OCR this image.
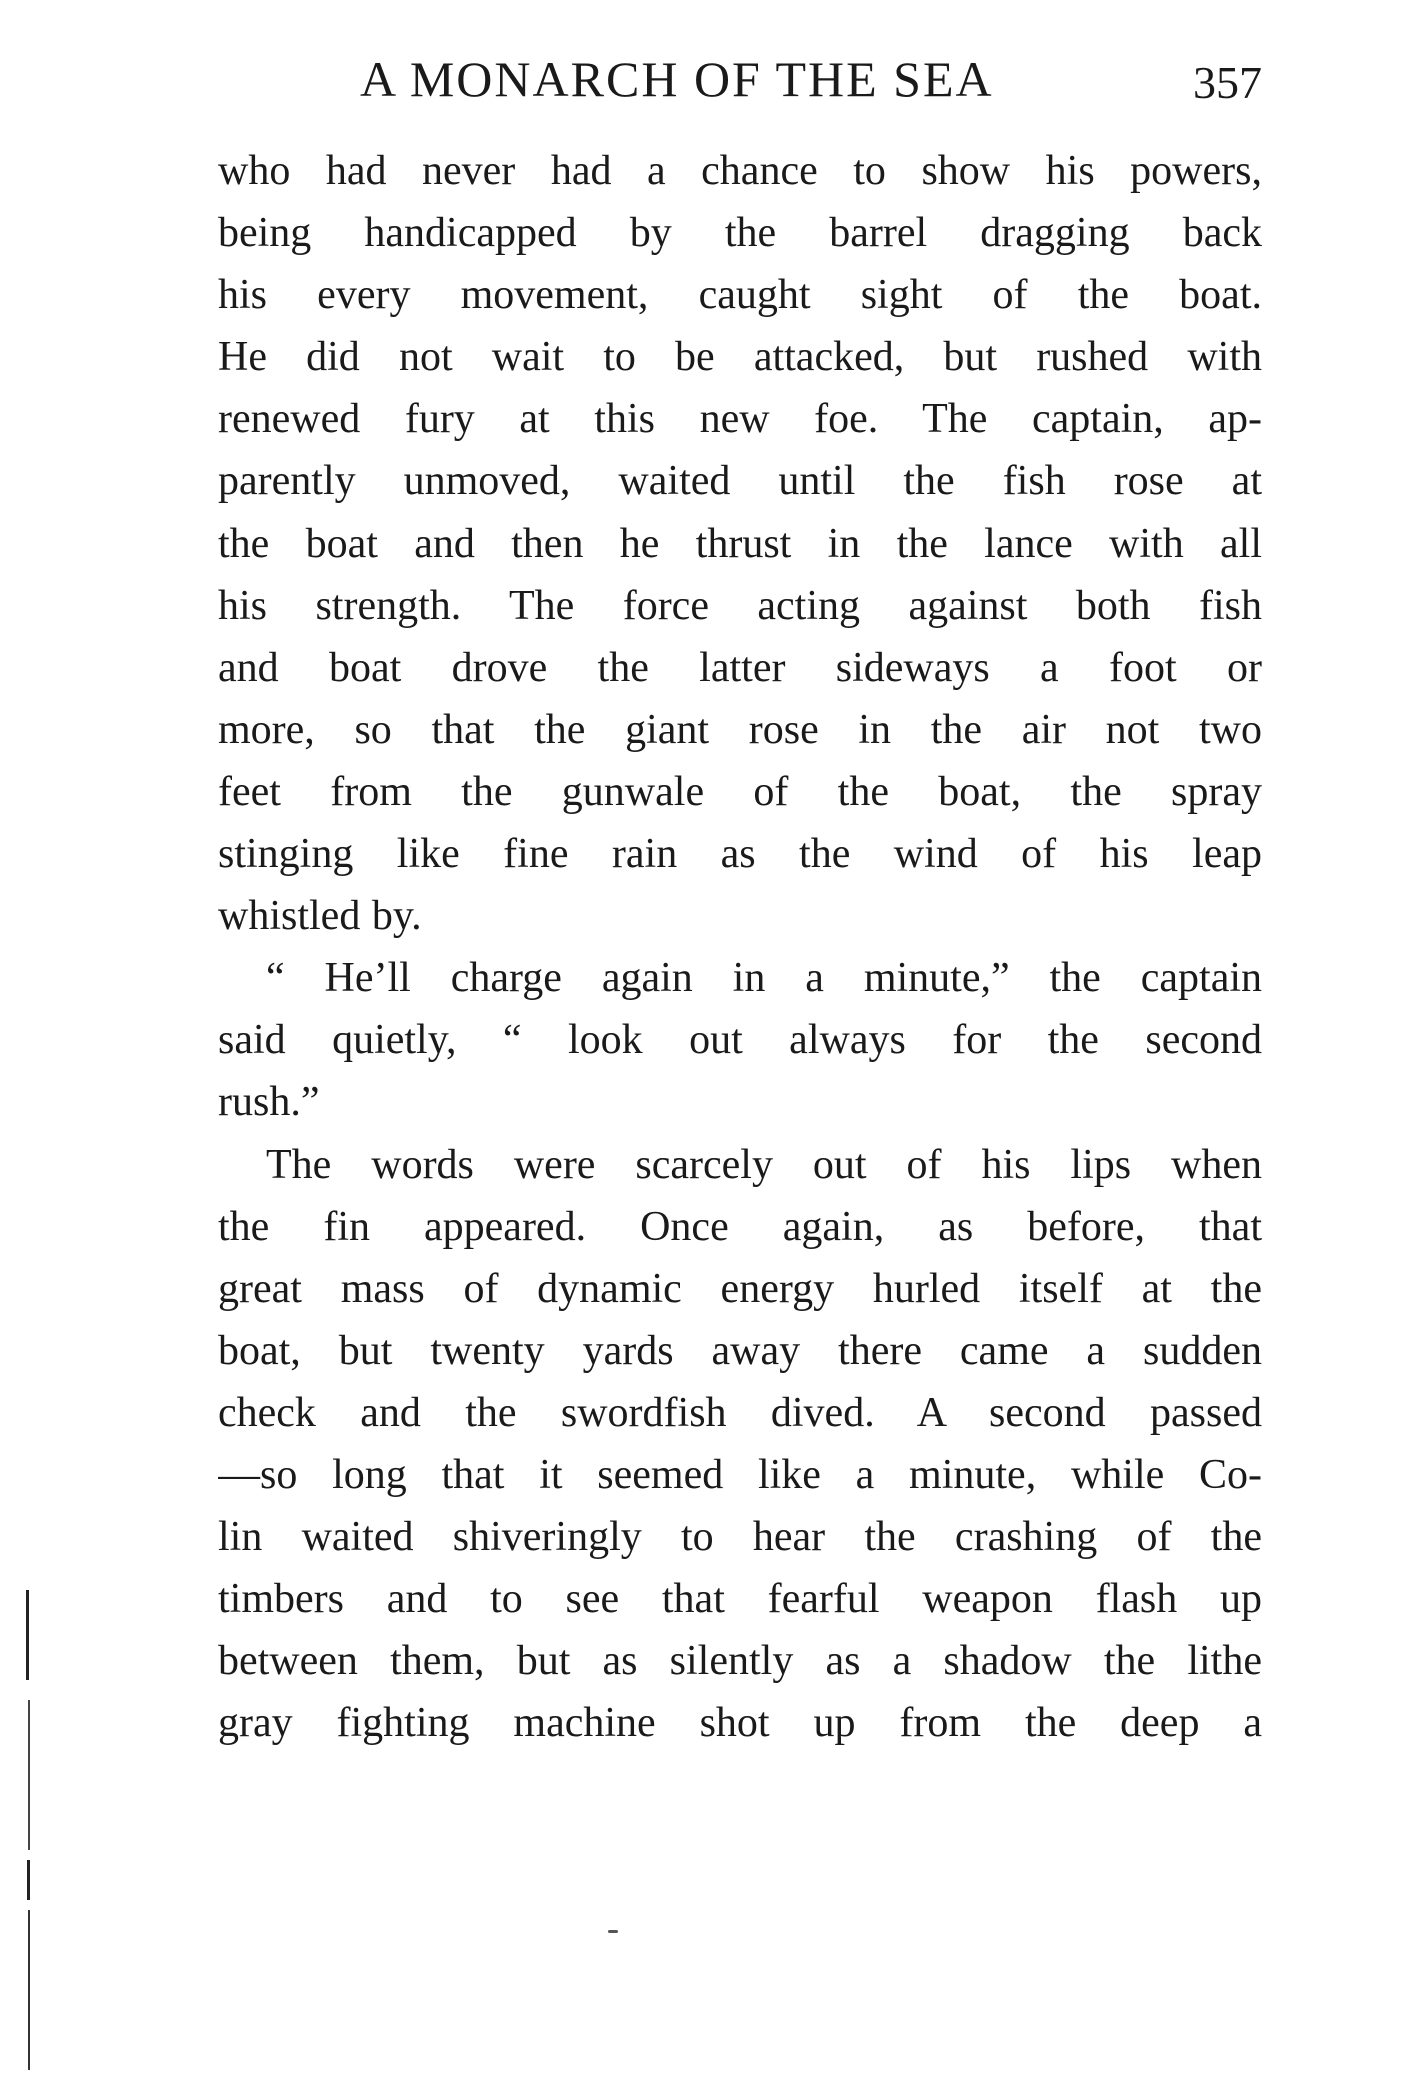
A MONARCH OF THE SEA	357
who had never had a chance to show his powers,
being handicapped by the barrel dragging back
his every movement, caught sight of the boat.
He did not wait to be attacked, but rushed with
renewed fury at this new foe. The captain, ap-
parently unmoved, waited until the fish rose at
the boat and then he thrust in the lance with all
his strength. The force acting against both fish
and boat drove the latter sideways a foot or
more, so that the giant rose in the air not two
feet from the gunwale of the boat, the spray
stinging like fine rain as the wind of his leap
whistled by.
“ He’ll charge again in a minute,” the captain
said quietly, “ look out always for the second
rush.”
The words were scarcely out of his lips when
the fin appeared. Once again, as before, that
great mass of dynamic energy hurled itself at the
boat, but twenty yards away there came a sudden
check and the swordfish dived. A second passed
—so long that it seemed like a minute, while Co-
lin waited shiveringly to hear the crashing of the
timbers and to see that fearful weapon flash up
between them, but as silently as a shadow the lithe
gray fighting machine shot up from the deep a
